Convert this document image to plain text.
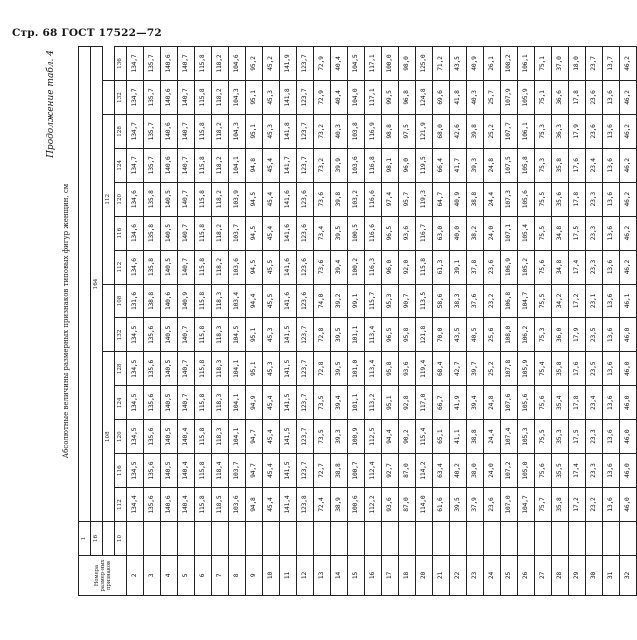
Стр. 68 ГОСТ 17522—72
Продолжение табл. 4
Абсолютные величины размерных признаков типовых фигур женщин, см
Номера размер-ных признаков	1														
	16	164													
		108							112						
	10	112	116	120	124	128	132	108	112	116	120	124	128	132	136
2		134,4	134,5	134,5	134,5	134,5	134,5	131,6	134,6	134,6	134,6	134,7	134,7	134,7	134,7
3		135,6	135,6	135,6	135,6	135,6	135,6	138,8	135,8	135,8	135,8	135,7	135,7	135,7	135,7
4		140,6	140,5	140,5	140,5	140,5	140,5	140,6	140,5	140,5	140,5	140,6	140,6	140,6	140,6
5		140,4	140,4	140,4	140,7	140,7	140,7	140,9	140,7	140,7	140,7	140,7	140,7	140,7	140,7
6		115,8	115,8	115,8	115,8	115,8	115,8	115,8	115,8	115,8	115,8	115,8	115,8	115,8	115,8
7		118,5	118,4	118,3	118,3	118,3	118,3	118,3	118,2	118,2	118,2	118,2	118,2	118,2	118,2
8		103,6	103,7	104,1	104,1	104,1	104,5	103,4	103,6	103,7	103,9	104,1	104,3	104,3	104,6
9		94,8	94,7	94,7	94,9	95,1	95,1	94,4	94,5	94,5	94,5	94,8	95,1	95,1	95,2
10		45,4	45,4	45,4	45,4	45,3	45,3	45,5	45,5	45,4	45,4	45,4	45,3	45,3	45,2
11		141,4	141,5	141,5	141,5	141,5	141,5	141,6	141,6	141,6	141,6	141,7	141,8	141,8	141,9
12		123,8	123,7	123,7	123,7	123,7	123,7	123,6	123,6	123,6	123,6	123,7	123,7	123,7	123,7
13		72,4	72,7	73,5	73,5	72,8	72,8	74,0	73,6	73,4	73,6	73,2	73,2	72,9	72,9
14		38,9	38,8	39,3	39,4	39,5	39,5	39,2	39,4	39,5	39,8	39,9	40,3	40,4	40,4
15		100,6	100,7	100,9	101,1	101,0	101,1	99,1	100,2	100,5	103,2	103,6	103,8	104,0	104,5
16		112,2	112,4	112,5	113,2	113,4	113,4	115,7	116,3	116,6	116,6	116,8	116,9	117,1	117,1
17		93,6	92,7	94,4	95,1	95,8	96,5	95,3	96,0	96,5	97,4	98,1	98,8	99,5	100,0
18		87,0	87,0	90,2	92,8	93,6	95,8	90,7	92,0	93,6	95,7	96,0	97,5	96,8	98,0
20		114,0	114,2	115,4	117,0	119,4	121,8	113,5	115,8	116,7	119,3	119,5	121,9	124,8	125,0
21		61,6	63,4	65,1	66,7	68,4	70,0	58,6	61,3	63,0	64,7	66,4	68,0	69,6	71,2
22		39,5	40,2	41,1	41,9	42,7	43,5	38,3	39,1	40,0	40,9	41,7	42,6	41,8	43,5
23		37,9	38,0	38,8	39,4	39,7	40,5	37,6	37,8	38,2	38,8	39,3	39,8	40,3	40,9
24		23,6	24,0	24,4	24,8	25,2	25,6	23,2	23,6	24,0	24,4	24,8	25,2	25,7	26,1
25		107,0	107,2	107,4	107,6	107,8	108,0	106,8	106,9	107,1	107,3	107,5	107,7	107,9	108,2
26		104,7	105,0	105,3	105,6	105,9	106,2	104,7	105,2	105,4	105,6	105,8	106,1	105,9	106,1
27		75,7	75,6	75,5	75,6	75,4	75,3	75,5	75,6	75,5	75,5	75,3	75,3	75,1	75,1
28		35,8	35,5	35,3	35,4	35,8	36,0	34,2	34,8	34,8	35,6	35,8	36,3	36,6	37,0
29		17,2	17,4	17,5	17,8	17,6	17,9	17,2	17,4	17,5	17,8	17,6	17,9	17,8	18,0
30		23,2	23,3	23,3	23,4	23,5	23,5	23,1	23,3	23,3	23,3	23,4	23,6	23,6	23,7
31		13,6	13,6	13,6	13,6	13,6	13,6	13,6	13,6	13,6	13,6	13,6	13,6	13,6	13,7
32		46,0	46,0	46,0	46,0	46,0	46,0	46,1	46,2	46,2	46,2	46,2	46,2	46,2	46,2
